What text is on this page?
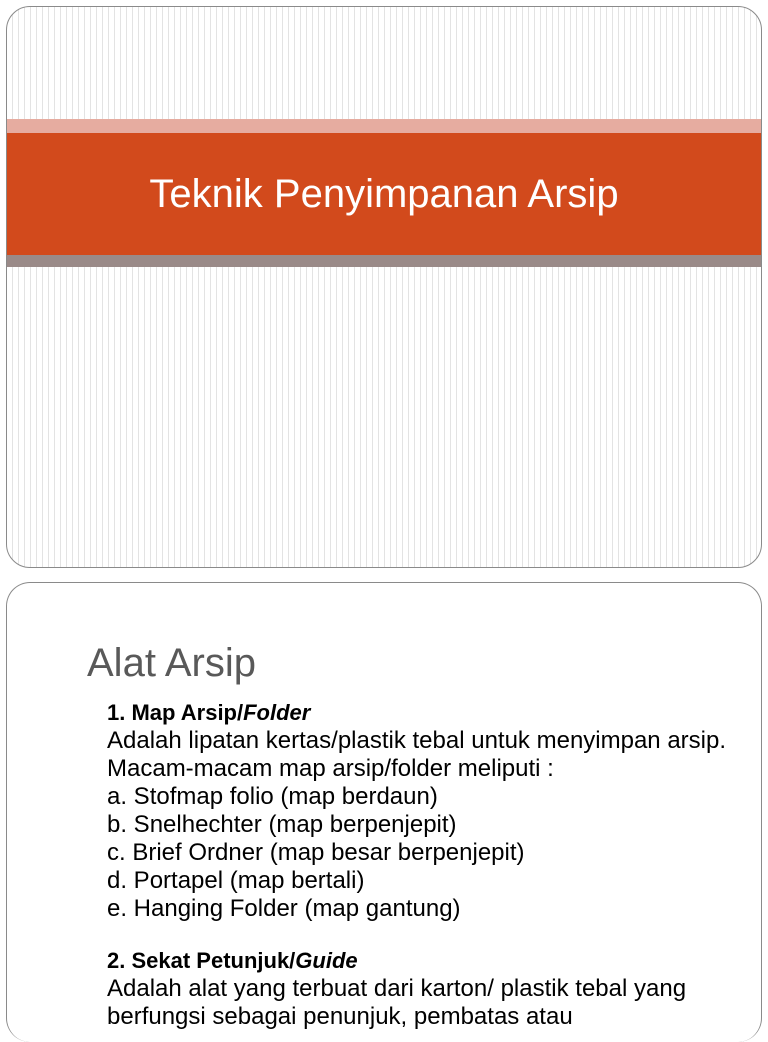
Teknik Penyimpanan Arsip
Alat Arsip
1. Map Arsip/Folder
Adalah lipatan kertas/plastik tebal untuk menyimpan arsip. Macam-macam map arsip/folder meliputi :
a. Stofmap folio (map berdaun)
b. Snelhechter (map berpenjepit)
c. Brief Ordner (map besar berpenjepit)
d. Portapel (map bertali)
e. Hanging Folder (map gantung)
2. Sekat Petunjuk/Guide
Adalah alat yang terbuat dari karton/ plastik tebal yang berfungsi sebagai penunjuk, pembatas atau
